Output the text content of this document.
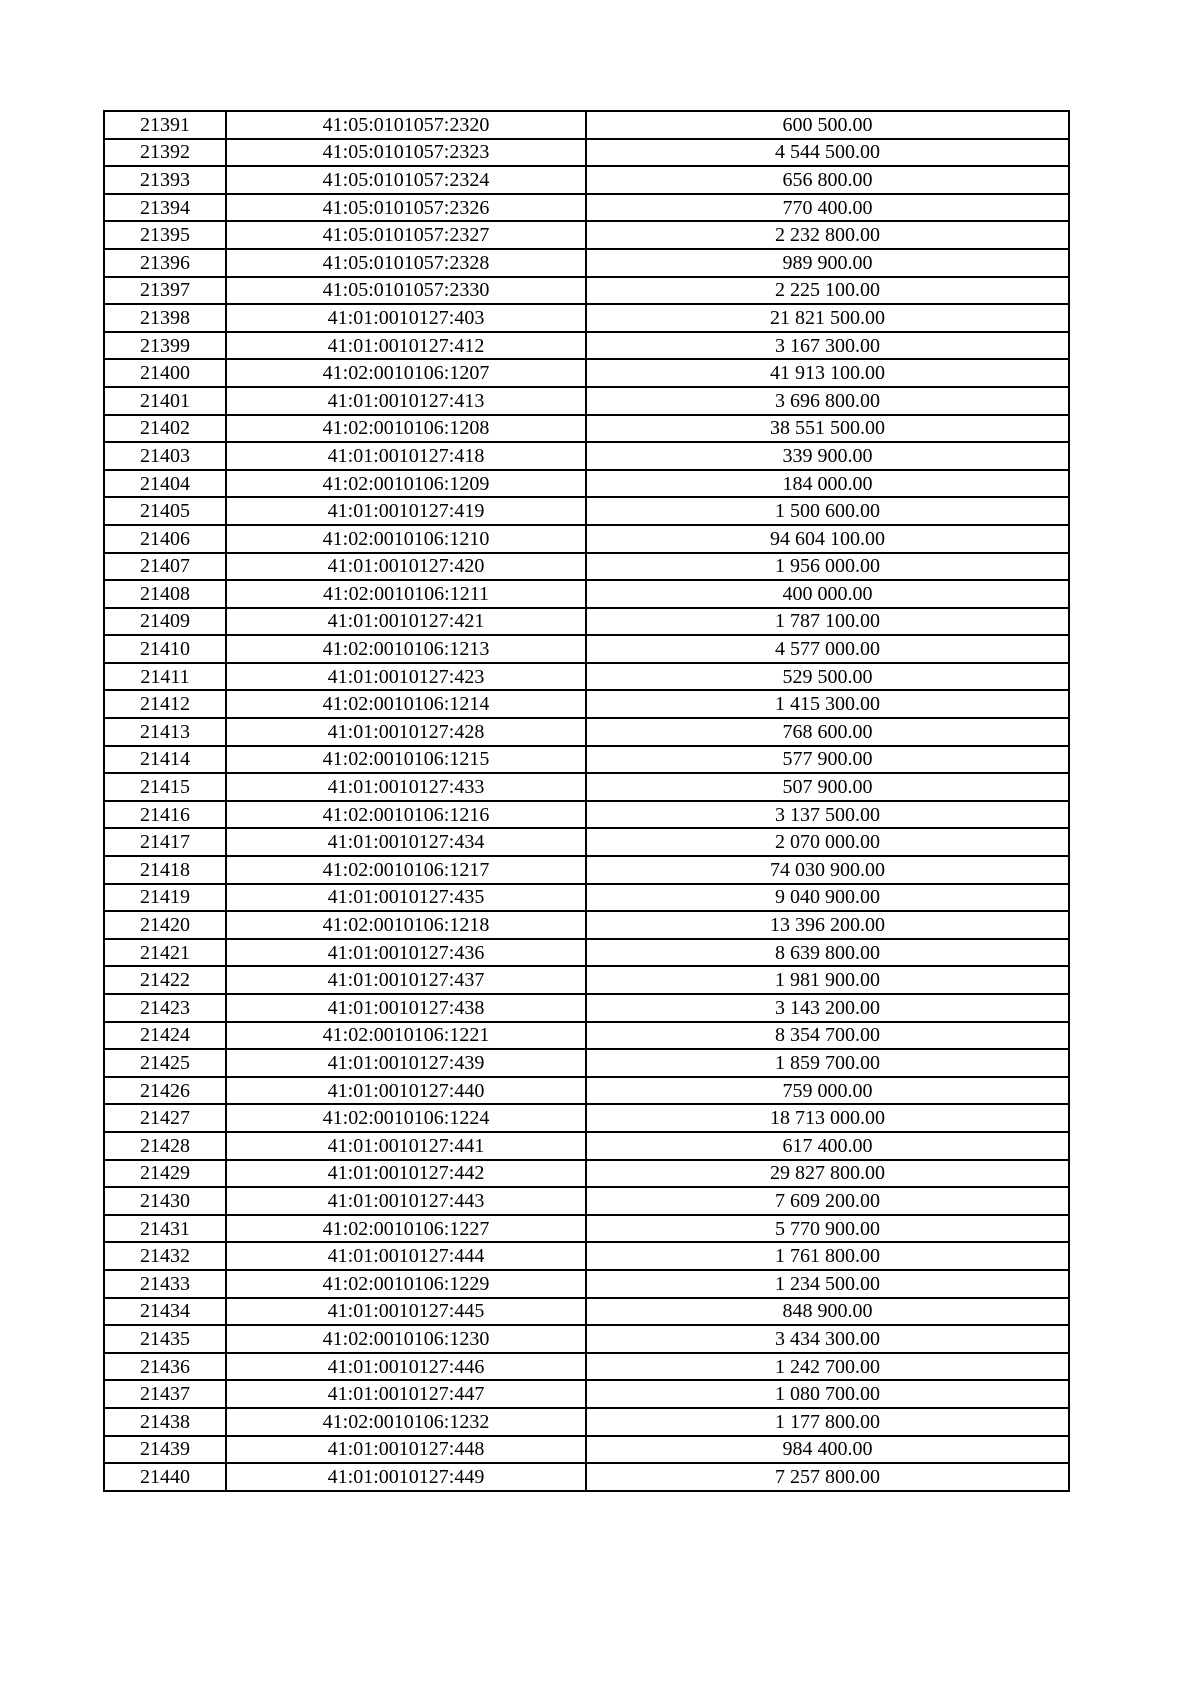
21391	41:05:0101057:2320	600 500.00
21392	41:05:0101057:2323	4 544 500.00
21393	41:05:0101057:2324	656 800.00
21394	41:05:0101057:2326	770 400.00
21395	41:05:0101057:2327	2 232 800.00
21396	41:05:0101057:2328	989 900.00
21397	41:05:0101057:2330	2 225 100.00
21398	41:01:0010127:403	21 821 500.00
21399	41:01:0010127:412	3 167 300.00
21400	41:02:0010106:1207	41 913 100.00
21401	41:01:0010127:413	3 696 800.00
21402	41:02:0010106:1208	38 551 500.00
21403	41:01:0010127:418	339 900.00
21404	41:02:0010106:1209	184 000.00
21405	41:01:0010127:419	1 500 600.00
21406	41:02:0010106:1210	94 604 100.00
21407	41:01:0010127:420	1 956 000.00
21408	41:02:0010106:1211	400 000.00
21409	41:01:0010127:421	1 787 100.00
21410	41:02:0010106:1213	4 577 000.00
21411	41:01:0010127:423	529 500.00
21412	41:02:0010106:1214	1 415 300.00
21413	41:01:0010127:428	768 600.00
21414	41:02:0010106:1215	577 900.00
21415	41:01:0010127:433	507 900.00
21416	41:02:0010106:1216	3 137 500.00
21417	41:01:0010127:434	2 070 000.00
21418	41:02:0010106:1217	74 030 900.00
21419	41:01:0010127:435	9 040 900.00
21420	41:02:0010106:1218	13 396 200.00
21421	41:01:0010127:436	8 639 800.00
21422	41:01:0010127:437	1 981 900.00
21423	41:01:0010127:438	3 143 200.00
21424	41:02:0010106:1221	8 354 700.00
21425	41:01:0010127:439	1 859 700.00
21426	41:01:0010127:440	759 000.00
21427	41:02:0010106:1224	18 713 000.00
21428	41:01:0010127:441	617 400.00
21429	41:01:0010127:442	29 827 800.00
21430	41:01:0010127:443	7 609 200.00
21431	41:02:0010106:1227	5 770 900.00
21432	41:01:0010127:444	1 761 800.00
21433	41:02:0010106:1229	1 234 500.00
21434	41:01:0010127:445	848 900.00
21435	41:02:0010106:1230	3 434 300.00
21436	41:01:0010127:446	1 242 700.00
21437	41:01:0010127:447	1 080 700.00
21438	41:02:0010106:1232	1 177 800.00
21439	41:01:0010127:448	984 400.00
21440	41:01:0010127:449	7 257 800.00
